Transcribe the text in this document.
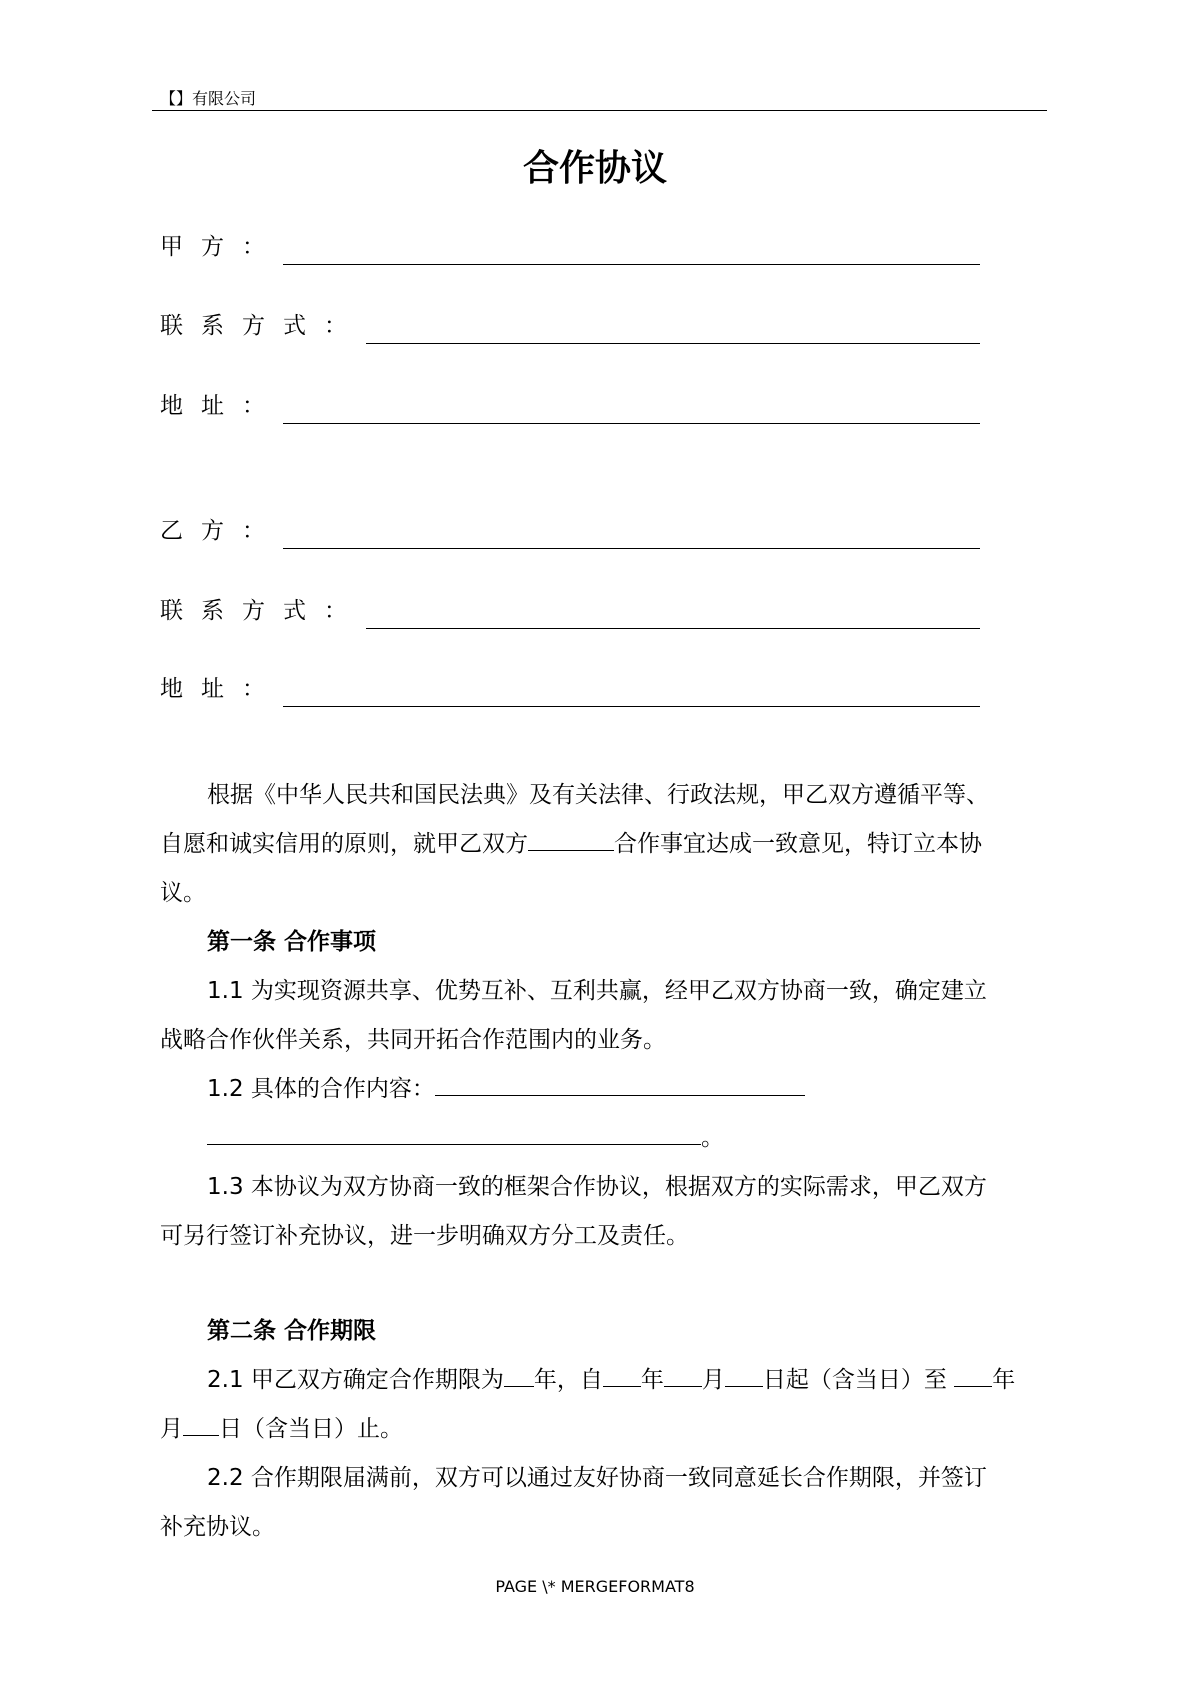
【】有限公司
合作协议
甲方：
联系方式：
地址：
乙方：
联系方式：
地址：
根据《中华人民共和国民法典》及有关法律、行政法规，甲乙双方遵循平等、
自愿和诚实信用的原则，就甲乙双方	合作事宜达成一致意见，特订立本协
议。
第一条 合作事项
1.1 为实现资源共享、优势互补、互利共赢，经甲乙双方协商一致，确定建立
战略合作伙伴关系，共同开拓合作范围内的业务。
1.2 具体的合作内容：
。
1.3 本协议为双方协商一致的框架合作协议，根据双方的实际需求，甲乙双方
可另行签订补充协议，进一步明确双方分工及责任。
第二条 合作期限
2.1 甲乙双方确定合作期限为 年，自 年 月 日起（含当日）至 年
月 日（含当日）止。
2.2 合作期限届满前，双方可以通过友好协商一致同意延长合作期限，并签订
补充协议。
PAGE \* MERGEFORMAT8
